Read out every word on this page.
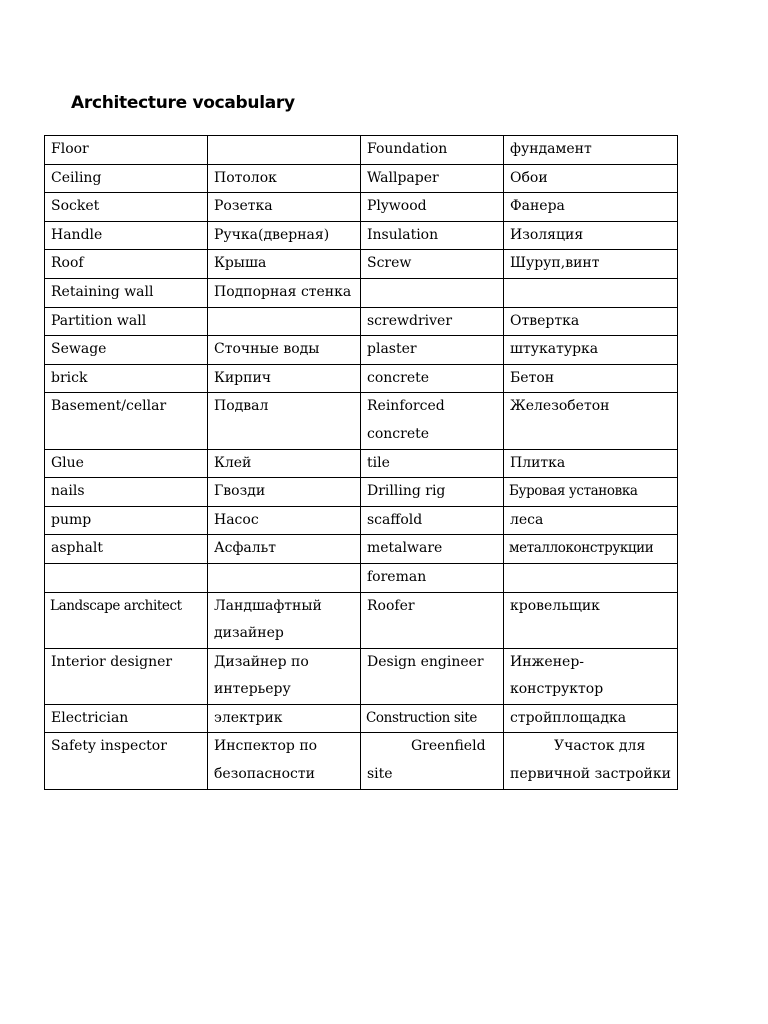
Architecture vocabulary
Floor		Foundation	фундамент
Ceiling	Потолок	Wallpaper	Обои
Socket	Розетка	Plywood	Фанера
Handle	Ручка(дверная)	Insulation	Изоляция
Roof	Крыша	Screw	Шуруп,винт
Retaining wall	Подпорная стенка		
Partition wall		screwdriver	Отвертка
Sewage	Сточные воды	plaster	штукатурка
brick	Кирпич	concrete	Бетон
Basement/cellar	Подвал	Reinforced concrete	Железобетон
Glue	Клей	tile	Плитка
nails	Гвозди	Drilling rig	Буровая установка
pump	Насос	scaffold	леса
asphalt	Асфальт	metalware	металлоконструкции
		foreman	
Landscape architect	Ландшафтный дизайнер	Roofer	кровельщик
Interior designer	Дизайнер по интерьеру	Design engineer	Инженер-конструктор
Electrician	электрик	Construction site	стройплощадка
Safety inspector	Инспектор по безопасности	Greenfield site	Участок для первичной застройки
